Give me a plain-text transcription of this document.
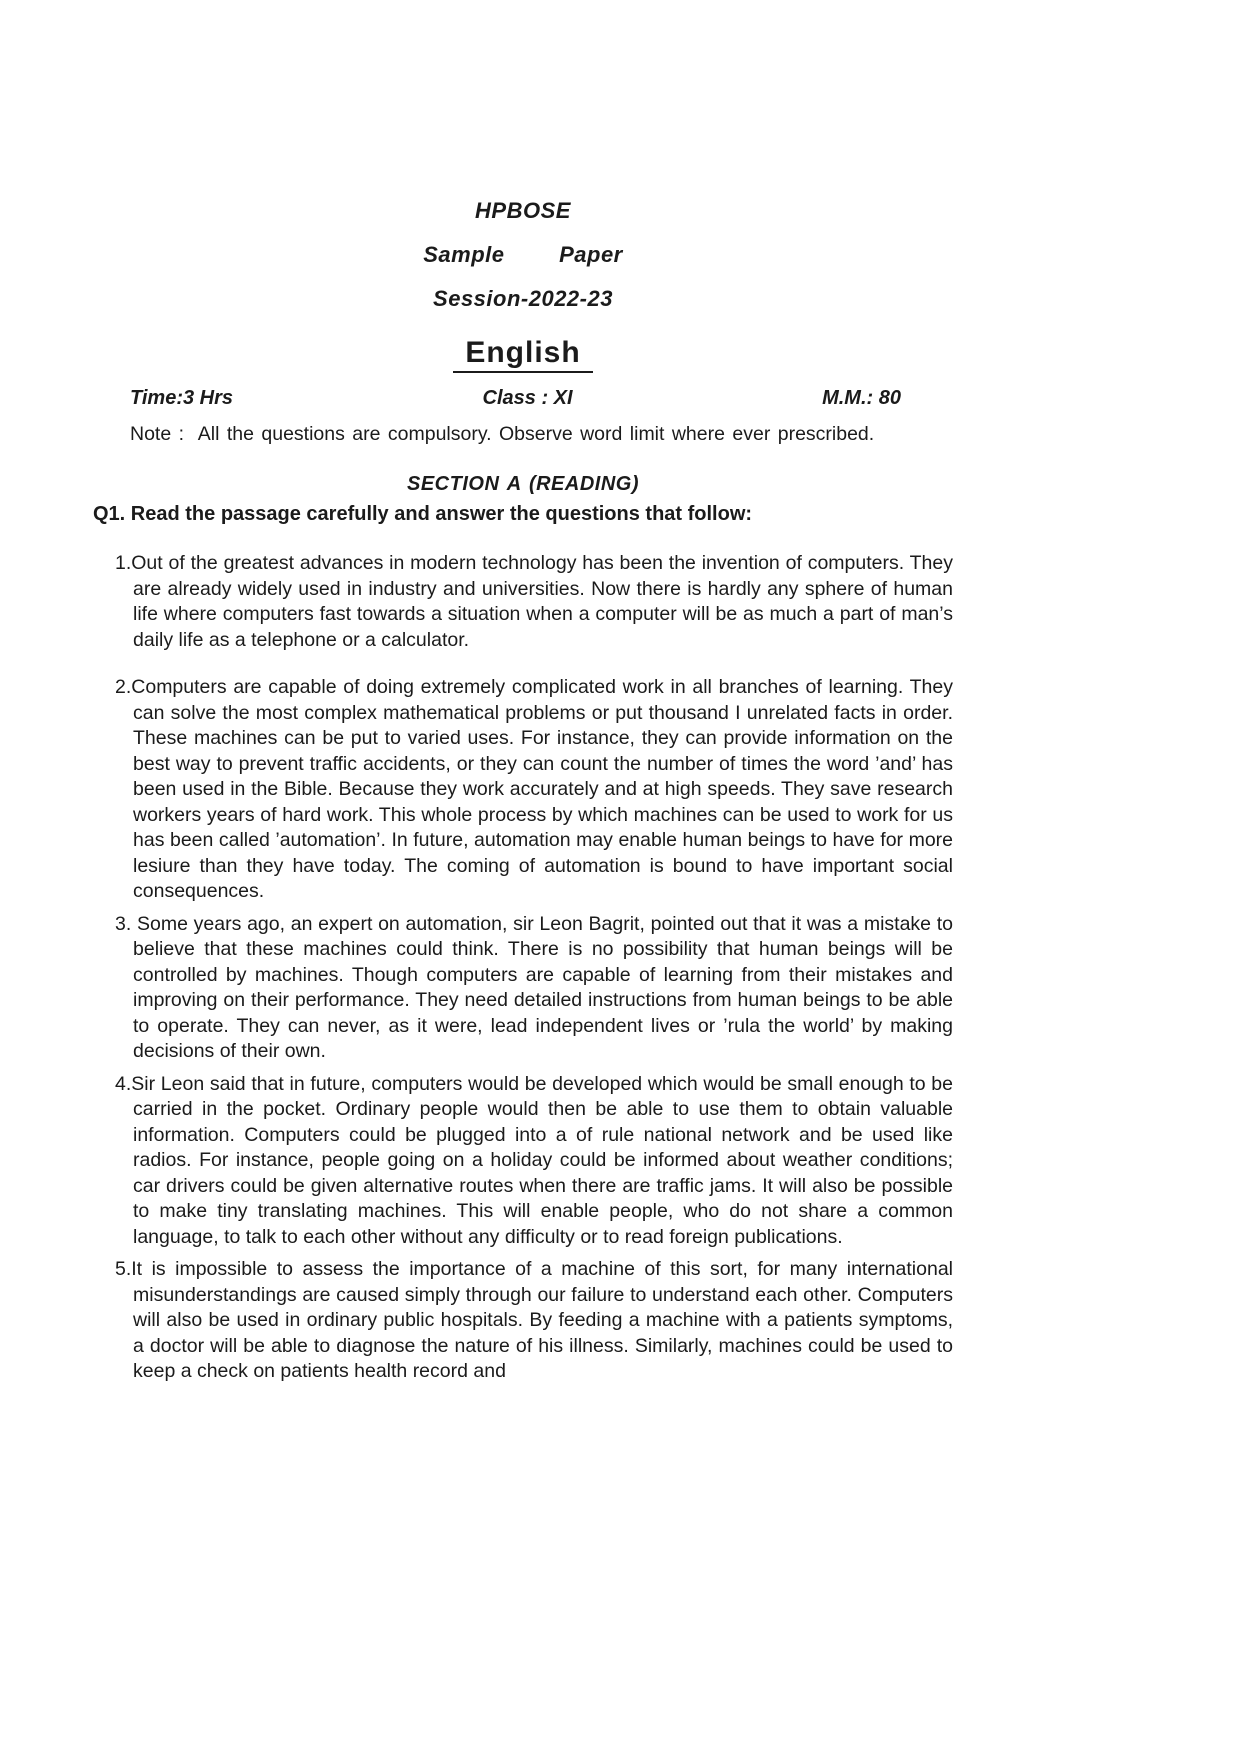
HPBOSE
Sample Paper
Session-2022-23
English
Time:3 Hrs	Class : XI	M.M.: 80

Note :  All the questions are compulsory. Observe word limit where ever prescribed.

SECTION A (READING)
Q1. Read the passage carefully and answer the questions that follow:

1.Out of the greatest advances in modern technology has been the invention of computers. They are already widely used in industry and universities. Now there is hardly any sphere of human life where computers fast towards a situation when a computer will be as much a part of man’s daily life as a telephone or a calculator.

2.Computers are capable of doing extremely complicated work in all branches of learning. They can solve the most complex mathematical problems or put thousand I unrelated facts in order. These machines can be put to varied uses. For instance, they can provide information on the best way to prevent traffic accidents, or they can count the number of times the word ’and’ has been used in the Bible. Because they work accurately and at high speeds. They save research workers years of hard work. This whole process by which machines can be used to work for us has been called ’automation’. In future, automation may enable human beings to have for more lesiure than they have today. The coming of automation is bound to have important social consequences.

3. Some years ago, an expert on automation, sir Leon Bagrit, pointed out that it was a mistake to believe that these machines could think. There is no possibility that human beings will be controlled by machines. Though computers are capable of learning from their mistakes and improving on their performance. They need detailed instructions from human beings to be able to operate. They can never, as it were, lead independent lives or ’rula the world’ by making decisions of their own.

4.Sir Leon said that in future, computers would be developed which would be small enough to be carried in the pocket. Ordinary people would then be able to use them to obtain valuable information. Computers could be plugged into a of rule national network and be used like radios. For instance, people going on a holiday could be informed about weather conditions; car drivers could be given alternative routes when there are traffic jams. It will also be possible to make tiny translating machines. This will enable people, who do not share a common language, to talk to each other without any difficulty or to read foreign publications.

5.It is impossible to assess the importance of a machine of this sort, for many international misunderstandings are caused simply through our failure to understand each other. Computers will also be used in ordinary public hospitals. By feeding a machine with a patients symptoms, a doctor will be able to diagnose the nature of his illness. Similarly, machines could be used to keep a check on patients health record and
